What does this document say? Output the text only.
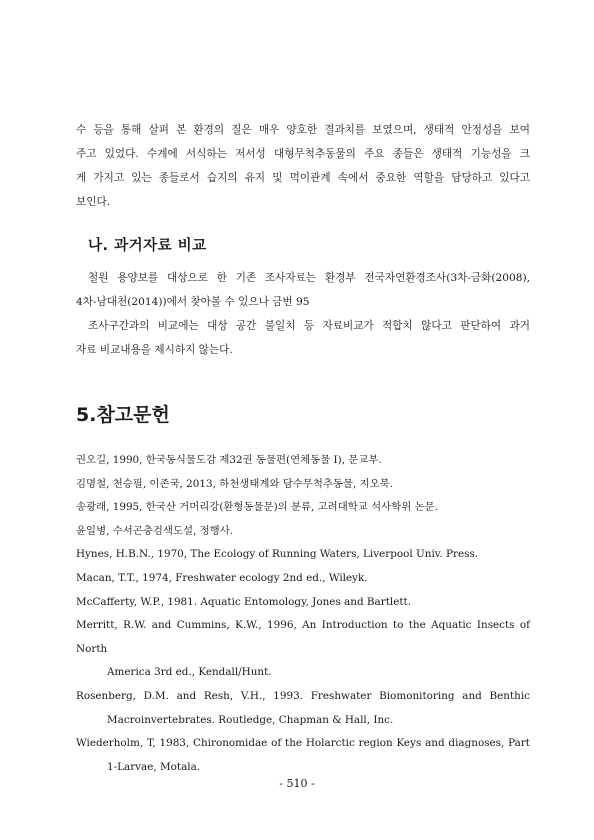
수 등을 통해 살펴 본 환경의 질은 매우 양호한 결과치를 보였으며, 생태적 안정성을 보여
주고 있었다. 수계에 서식하는 저서성 대형무척추동물의 주요 종들은 생태적 기능성을 크
게 가지고 있는 종들로서 습지의 유지 및 먹이관계 속에서 중요한 역할을 담당하고 있다고
보인다.
나. 과거자료 비교
철원 용양보를 대상으로 한 기존 조사자료는 환경부 전국자연환경조사(3차-금화(2008),
4차-남대천(2014))에서 찾아볼 수 있으나 금번 95
조사구간과의 비교에는 대상 공간 불일치 등 자료비교가 적합치 않다고 판단하여 과거
자료 비교내용을 제시하지 않는다.
5.참고문헌
권오길, 1990, 한국동식물도감 제32권 동물편(연체동물 I), 문교부.
김명철, 천승필, 이존국, 2013, 하천생태계와 담수무척추동물, 지오북.
송광래, 1995, 한국산 거머리강(환형동물문)의 분류, 고려대학교 석사학위 논문.
윤일병, 수서곤충검색도설, 정행사.
Hynes, H.B.N., 1970, The Ecology of Running Waters, Liverpool Univ. Press.
Macan, T.T., 1974, Freshwater ecology 2nd ed., Wileyk.
McCafferty, W.P., 1981. Aquatic Entomology, Jones and Bartlett.
Merritt, R.W. and Cummins, K.W., 1996, An Introduction to the Aquatic Insects of North
America 3rd ed., Kendall/Hunt.
Rosenberg, D.M. and Resh, V.H., 1993. Freshwater Biomonitoring and Benthic
Macroinvertebrates. Routledge, Chapman & Hall, Inc.
Wiederholm, T, 1983, Chironomidae of the Holarctic region Keys and diagnoses, Part
1-Larvae, Motala.
- 510 -
